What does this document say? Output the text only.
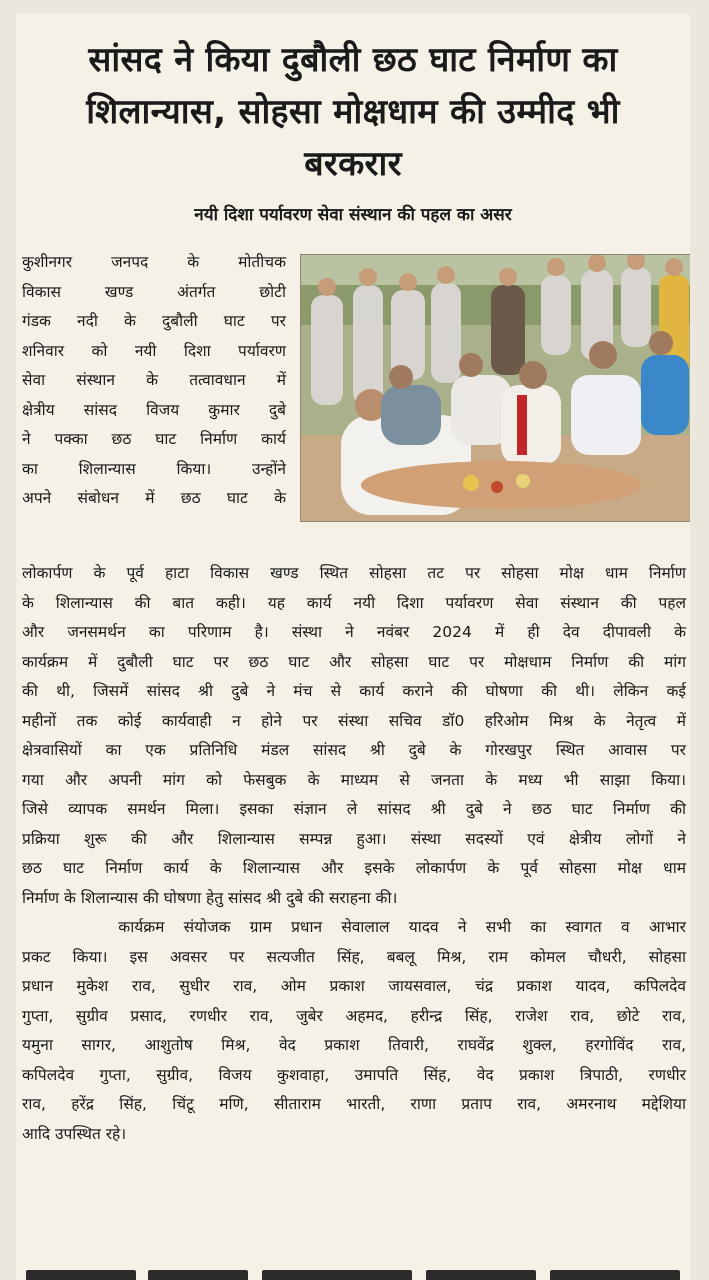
सांसद ने किया दुबौली छठ घाट निर्माण का
शिलान्यास, सोहसा मोक्षधाम की उम्मीद भी
बरकरार
नयी दिशा पर्यावरण सेवा संस्थान की पहल का असर
कुशीनगर जनपद के मोतीचक
विकास खण्ड अंतर्गत छोटी
गंडक नदी के दुबौली घाट पर
शनिवार को नयी दिशा पर्यावरण
सेवा संस्थान के तत्वावधान में
क्षेत्रीय सांसद विजय कुमार दुबे
ने पक्का छठ घाट निर्माण कार्य
का शिलान्यास किया। उन्होंने
अपने संबोधन में छठ घाट के
लोकार्पण के पूर्व हाटा विकास खण्ड स्थित सोहसा तट पर सोहसा मोक्ष धाम निर्माण
के शिलान्यास की बात कही। यह कार्य नयी दिशा पर्यावरण सेवा संस्थान की पहल
और जनसमर्थन का परिणाम है। संस्था ने नवंबर 2024 में ही देव दीपावली के
कार्यक्रम में दुबौली घाट पर छठ घाट और सोहसा घाट पर मोक्षधाम निर्माण की मांग
की थी, जिसमें सांसद श्री दुबे ने मंच से कार्य कराने की घोषणा की थी। लेकिन कई
महीनों तक कोई कार्यवाही न होने पर संस्था सचिव डॉ0 हरिओम मिश्र के नेतृत्व में
क्षेत्रवासियों का एक प्रतिनिधि मंडल सांसद श्री दुबे के गोरखपुर स्थित आवास पर
गया और अपनी मांग को फेसबुक के माध्यम से जनता के मध्य भी साझा किया।
जिसे व्यापक समर्थन मिला। इसका संज्ञान ले सांसद श्री दुबे ने छठ घाट निर्माण की
प्रक्रिया शुरू की और शिलान्यास सम्पन्न हुआ। संस्था सदस्यों एवं क्षेत्रीय लोगों ने
छठ घाट निर्माण कार्य के शिलान्यास और इसके लोकार्पण के पूर्व सोहसा मोक्ष धाम
निर्माण के शिलान्यास की घोषणा हेतु सांसद श्री दुबे की सराहना की।
कार्यक्रम संयोजक ग्राम प्रधान सेवालाल यादव ने सभी का स्वागत व आभार
प्रकट किया। इस अवसर पर सत्यजीत सिंह, बबलू मिश्र, राम कोमल चौधरी, सोहसा
प्रधान मुकेश राव, सुधीर राव, ओम प्रकाश जायसवाल, चंद्र प्रकाश यादव, कपिलदेव
गुप्ता, सुग्रीव प्रसाद, रणधीर राव, जुबेर अहमद, हरीन्द्र सिंह, राजेश राव, छोटे राव,
यमुना सागर, आशुतोष मिश्र, वेद प्रकाश तिवारी, राघवेंद्र शुक्ल, हरगोविंद राव,
कपिलदेव गुप्ता, सुग्रीव, विजय कुशवाहा, उमापति सिंह, वेद प्रकाश त्रिपाठी, रणधीर
राव, हरेंद्र सिंह, चिंटू मणि, सीताराम भारती, राणा प्रताप राव, अमरनाथ मद्देशिया
आदि उपस्थित रहे।
